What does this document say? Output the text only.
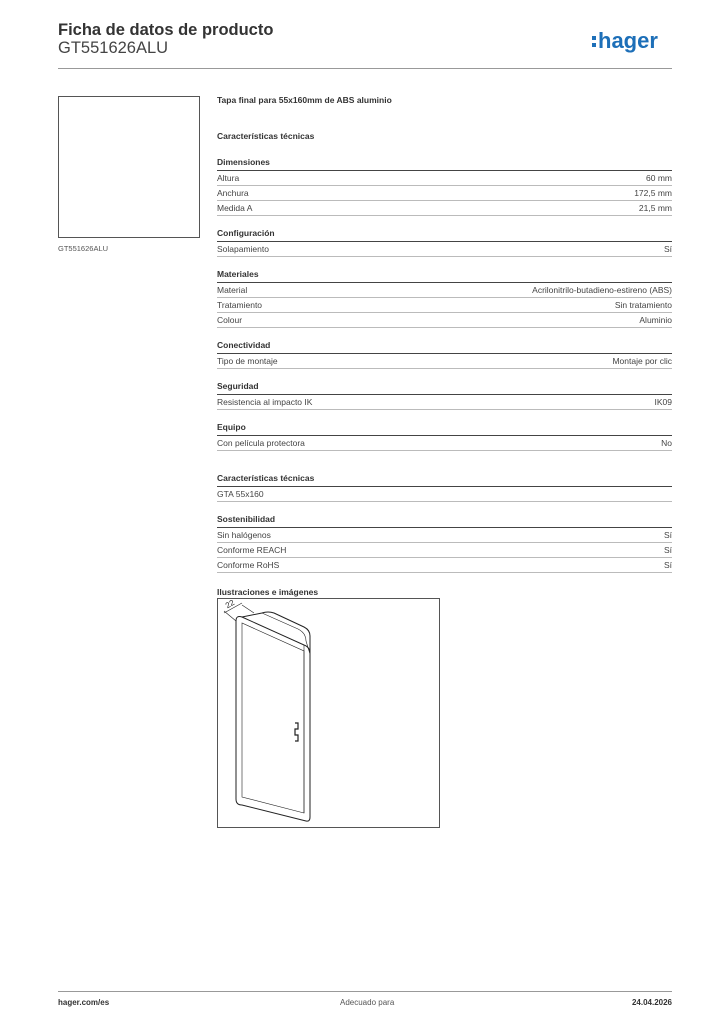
Ficha de datos de producto
GT551626ALU	hager
GT551626ALU
Tapa final para 55x160mm de ABS aluminio
Características técnicas
Dimensiones
Altura	60 mm
Anchura	172,5 mm
Medida A	21,5 mm
Configuración
Solapamiento	Sí
Materiales
Material	Acrilonitrilo-butadieno-estireno (ABS)
Tratamiento	Sin tratamiento
Colour	Aluminio
Conectividad
Tipo de montaje	Montaje por clic
Seguridad
Resistencia al impacto IK	IK09
Equipo
Con película protectora	No
Características técnicas
GTA 55x160
Sostenibilidad
Sin halógenos	Sí
Conforme REACH	Sí
Conforme RoHS	Sí
Ilustraciones e imágenes
22
hager.com/es	Adecuado para	24.04.2026
